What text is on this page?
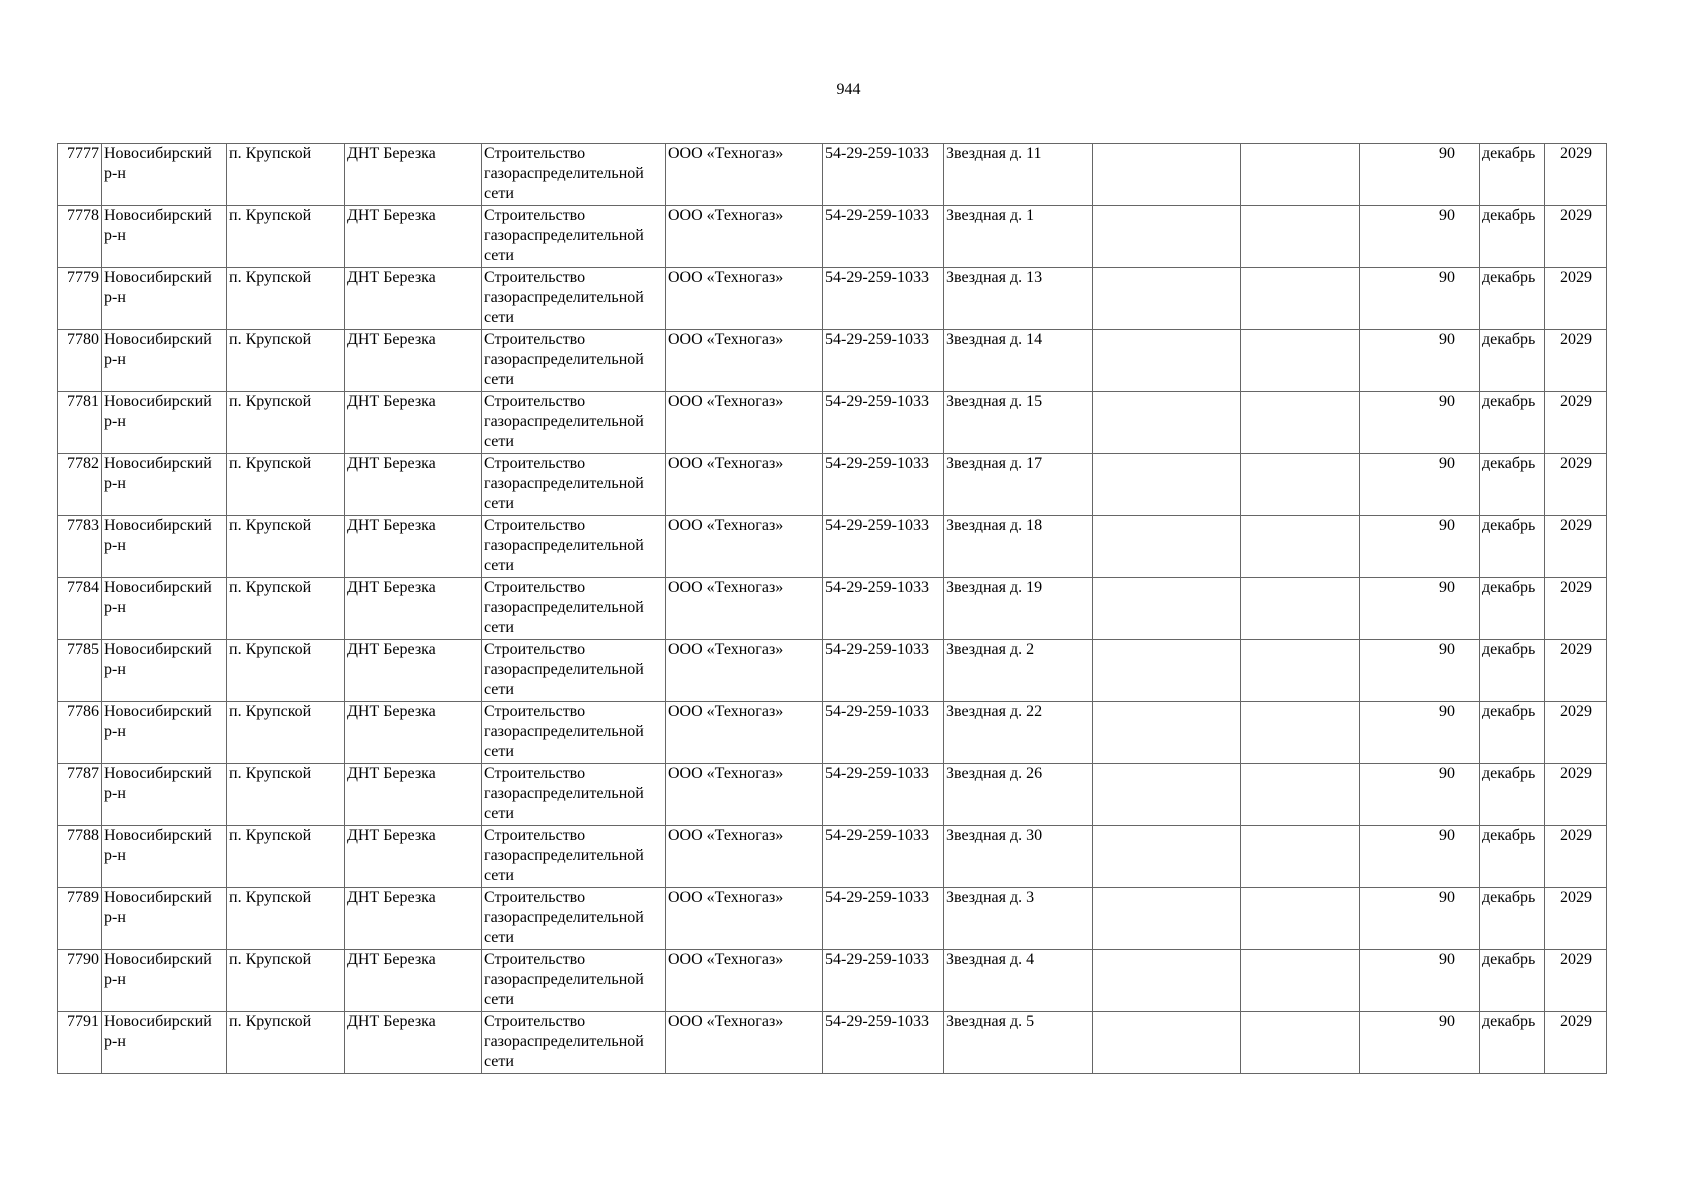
944
7777	Новосибирский р-н	п. Крупской	ДНТ Березка	Строительство газораспределительной сети	ООО «Техногаз»	54-29-259-1033	Звездная д. 11			90	декабрь	2029
7778	Новосибирский р-н	п. Крупской	ДНТ Березка	Строительство газораспределительной сети	ООО «Техногаз»	54-29-259-1033	Звездная д. 1			90	декабрь	2029
7779	Новосибирский р-н	п. Крупской	ДНТ Березка	Строительство газораспределительной сети	ООО «Техногаз»	54-29-259-1033	Звездная д. 13			90	декабрь	2029
7780	Новосибирский р-н	п. Крупской	ДНТ Березка	Строительство газораспределительной сети	ООО «Техногаз»	54-29-259-1033	Звездная д. 14			90	декабрь	2029
7781	Новосибирский р-н	п. Крупской	ДНТ Березка	Строительство газораспределительной сети	ООО «Техногаз»	54-29-259-1033	Звездная д. 15			90	декабрь	2029
7782	Новосибирский р-н	п. Крупской	ДНТ Березка	Строительство газораспределительной сети	ООО «Техногаз»	54-29-259-1033	Звездная д. 17			90	декабрь	2029
7783	Новосибирский р-н	п. Крупской	ДНТ Березка	Строительство газораспределительной сети	ООО «Техногаз»	54-29-259-1033	Звездная д. 18			90	декабрь	2029
7784	Новосибирский р-н	п. Крупской	ДНТ Березка	Строительство газораспределительной сети	ООО «Техногаз»	54-29-259-1033	Звездная д. 19			90	декабрь	2029
7785	Новосибирский р-н	п. Крупской	ДНТ Березка	Строительство газораспределительной сети	ООО «Техногаз»	54-29-259-1033	Звездная д. 2			90	декабрь	2029
7786	Новосибирский р-н	п. Крупской	ДНТ Березка	Строительство газораспределительной сети	ООО «Техногаз»	54-29-259-1033	Звездная д. 22			90	декабрь	2029
7787	Новосибирский р-н	п. Крупской	ДНТ Березка	Строительство газораспределительной сети	ООО «Техногаз»	54-29-259-1033	Звездная д. 26			90	декабрь	2029
7788	Новосибирский р-н	п. Крупской	ДНТ Березка	Строительство газораспределительной сети	ООО «Техногаз»	54-29-259-1033	Звездная д. 30			90	декабрь	2029
7789	Новосибирский р-н	п. Крупской	ДНТ Березка	Строительство газораспределительной сети	ООО «Техногаз»	54-29-259-1033	Звездная д. 3			90	декабрь	2029
7790	Новосибирский р-н	п. Крупской	ДНТ Березка	Строительство газораспределительной сети	ООО «Техногаз»	54-29-259-1033	Звездная д. 4			90	декабрь	2029
7791	Новосибирский р-н	п. Крупской	ДНТ Березка	Строительство газораспределительной сети	ООО «Техногаз»	54-29-259-1033	Звездная д. 5			90	декабрь	2029
